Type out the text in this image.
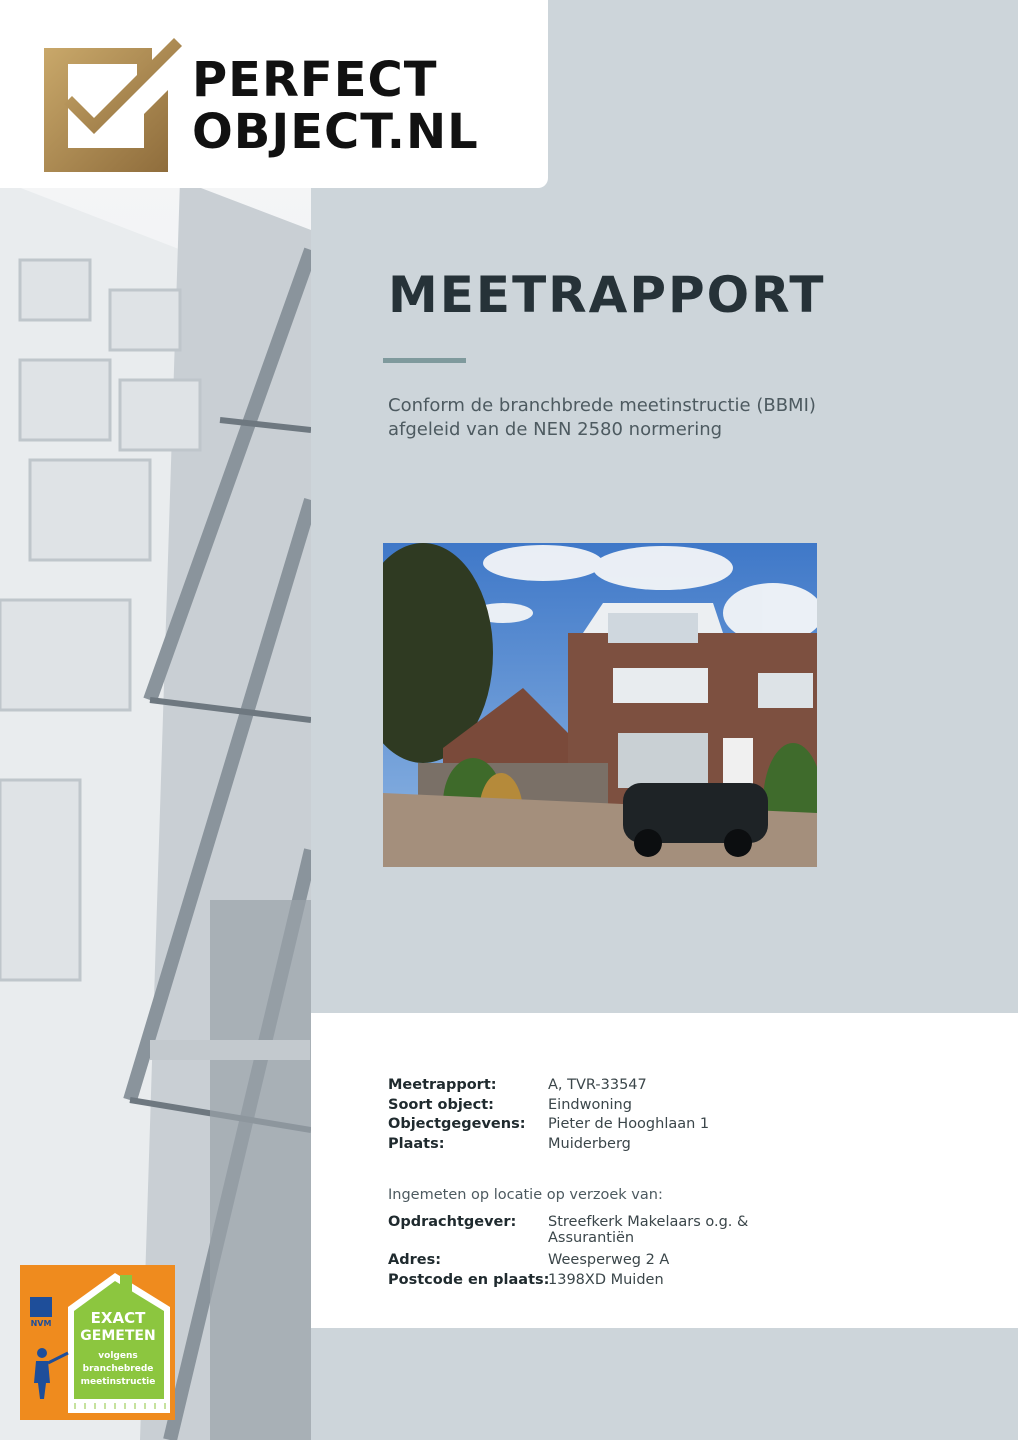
PERFECT
OBJECT.NL
MEETRAPPORT
Conform de branchbrede meetinstructie (BBMI)
afgeleid van de NEN 2580 normering
Meetrapport:	A, TVR-33547
Soort object:	Eindwoning
Objectgegevens: Pieter de Hooghlaan 1
Plaats:	Muiderberg
Ingemeten op locatie op verzoek van:
Opdrachtgever: Streefkerk Makelaars o.g. &
Assurantiën
Adres:	Weesperweg 2 A
Postcode en plaats:
1398XD Muiden
NVM	EXACT
GEMETEN
volgens
branchebrede
meetinstructie
